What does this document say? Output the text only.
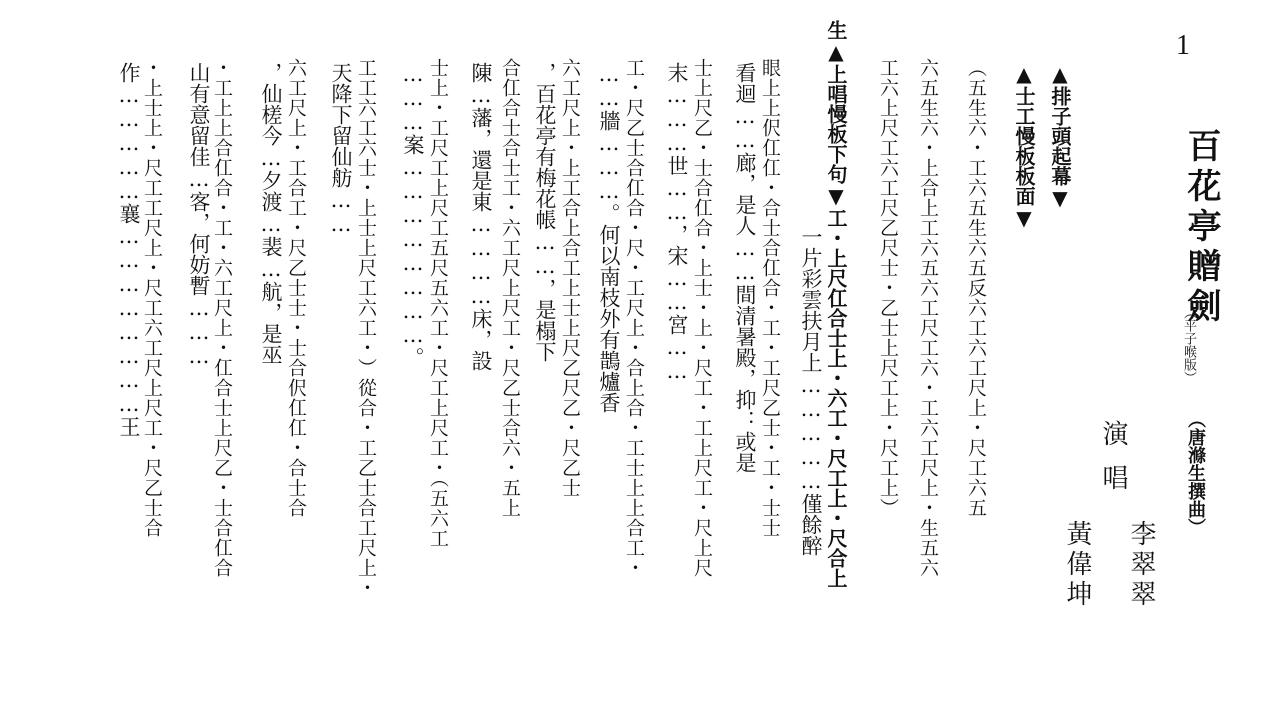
1
百花亭贈劍
（平子喉版）
（唐滌生撰曲）
演唱
李翠翠
黃偉坤
▲排子頭起幕▼
▲士工慢板板面▼
（五生六・工六五生六五反六工六工尺上・尺工六五
六五生六・上合上工六五六工尺工六・工六工尺上・生五六
工六上尺工六工尺乙尺士・乙士上尺工上・尺工上）
生▲上唱慢板下句▼工・上尺仜合士上・六工・尺工上・尺合上
一片彩雲扶月上……………僅餘醉
眼上上伬仜仜・合士合仜合・工・工尺乙士・工・士士
看迴……廊，是人……間清暑殿，抑：或是
士上尺乙・士合仜合・上士・上・尺工・工上尺工・尺上尺
末………世……，宋……宮……
工・尺乙士合仜合・尺・工尺上・合上合・工士上上合工・
……牆………。何以南枝外有鵲爐香
六工尺上・上工合上合工上士上尺乙尺乙・尺乙士
，百花亭有梅花帳……，是榻下
合仜合士合士工・六工尺上尺工・尺乙士合六・五上
陳…藩，還是東…………床，設
士上・工尺工上尺工五尺五六工・尺工上尺工・（五六工
………案……………………。
工工六工六士・上士上尺工六工・）從合・工乙士合工尺上・
天降下留仙舫……
六工尺上・工合工・尺乙士士・士合伬仜仜・合士合
，仙槎今…夕渡…裴…航，是巫
・工上上合仜合・工・六工尺上・仜合士上尺乙・士合仜合
山有意留佳…客，何妨暫………
・上士上・尺工工尺上・尺工六工尺上尺工・尺乙士合
作……………襄……………………王
